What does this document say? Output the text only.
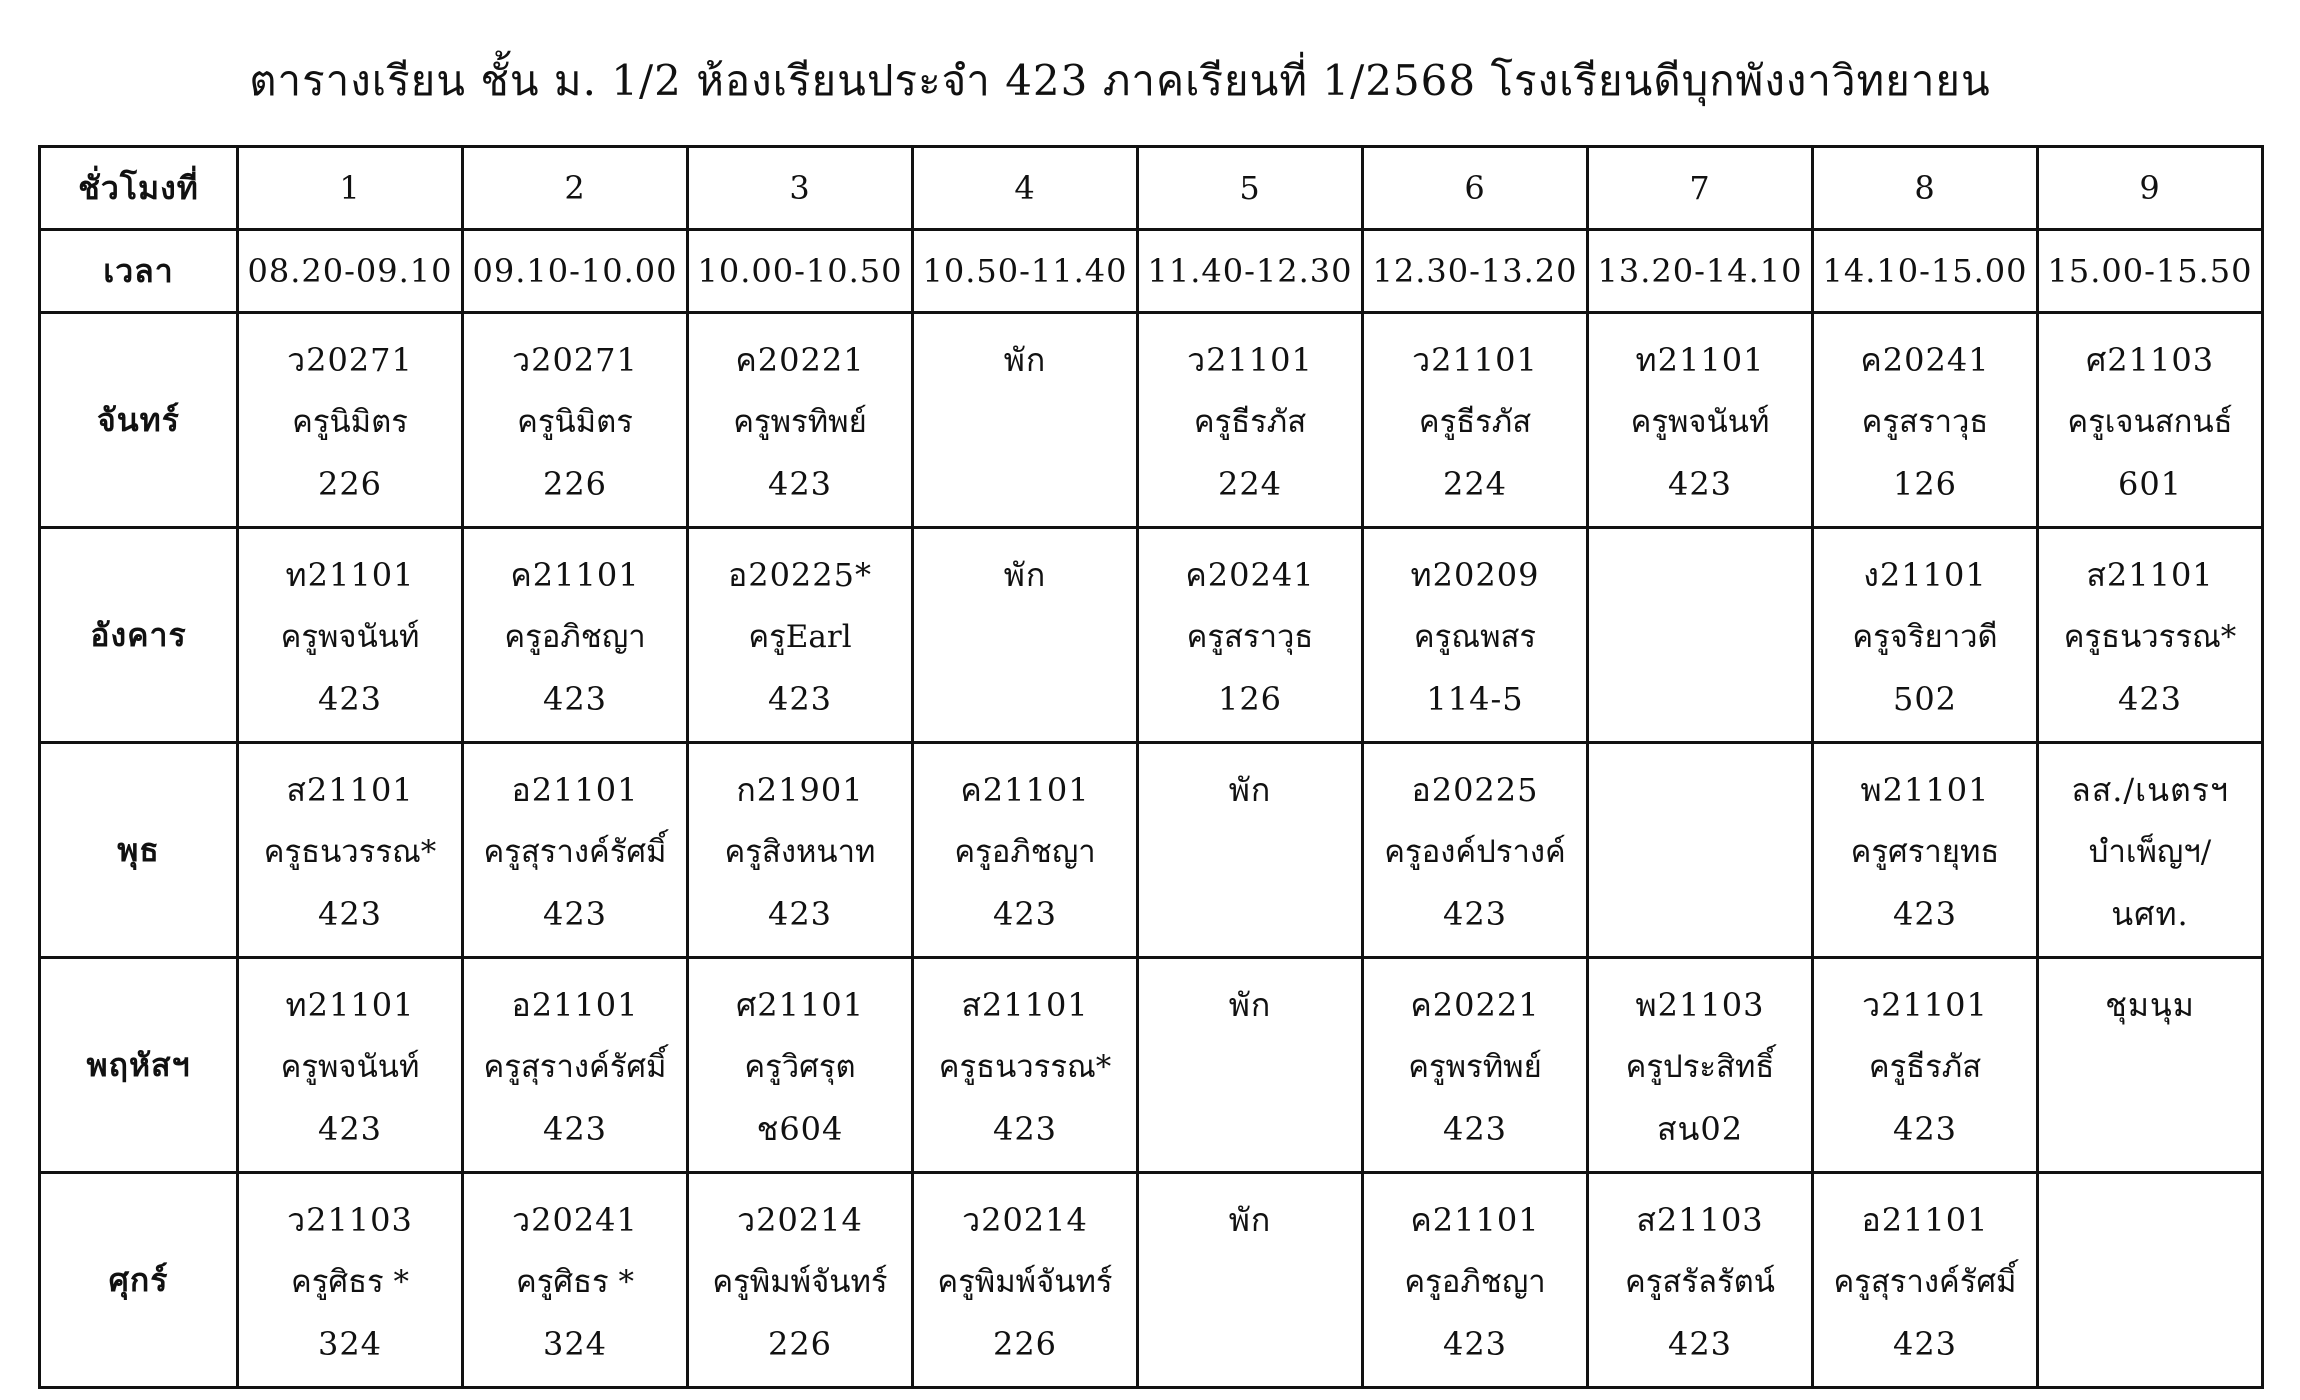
ตารางเรียน ชั้น ม. 1/2 ห้องเรียนประจำ 423 ภาคเรียนที่ 1/2568 โรงเรียนดีบุกพังงาวิทยายน
ชั่วโมงที่	1	2	3	4	5	6	7	8	9
เวลา	08.20-09.10	09.10-10.00	10.00-10.50	10.50-11.40	11.40-12.30	12.30-13.20	13.20-14.10	14.10-15.00	15.00-15.50
จันทร์	ว20271
ครูนิมิตร
226	ว20271
ครูนิมิตร
226	ค20221
ครูพรทิพย์
423	พัก	ว21101
ครูธีรภัส
224	ว21101
ครูธีรภัส
224	ท21101
ครูพจนันท์
423	ค20241
ครูสราวุธ
126	ศ21103
ครูเจนสกนธ์
601

อังคาร	ท21101
ครูพจนันท์
423	ค21101
ครูอภิชญา
423	อ20225*
ครูEarl
423	พัก	ค20241
ครูสราวุธ
126	ท20209
ครูณพสร
114-5		ง21101
ครูจริยาวดี
502	ส21101
ครูธนวรรณ*
423

พุธ	ส21101
ครูธนวรรณ*
423	อ21101
ครูสุรางค์รัศมิ์
423	ก21901
ครูสิงหนาท
423	ค21101
ครูอภิชญา
423	พัก	อ20225
ครูองค์ปรางค์
423		พ21101
ครูศรายุทธ
423	ลส./เนตรฯ
บำเพ็ญฯ/
นศท.

พฤหัสฯ	ท21101
ครูพจนันท์
423	อ21101
ครูสุรางค์รัศมิ์
423	ศ21101
ครูวิศรุต
ช604	ส21101
ครูธนวรรณ*
423	พัก	ค20221
ครูพรทิพย์
423	พ21103
ครูประสิทธิ์
สน02	ว21101
ครูธีรภัส
423	ชุมนุม

ศุกร์	ว21103
ครูศิธร *
324	ว20241
ครูศิธร *
324	ว20214
ครูพิมพ์จันทร์
226	ว20214
ครูพิมพ์จันทร์
226	พัก	ค21101
ครูอภิชญา
423	ส21103
ครูสรัลรัตน์
423	อ21101
ครูสุรางค์รัศมิ์
423	
